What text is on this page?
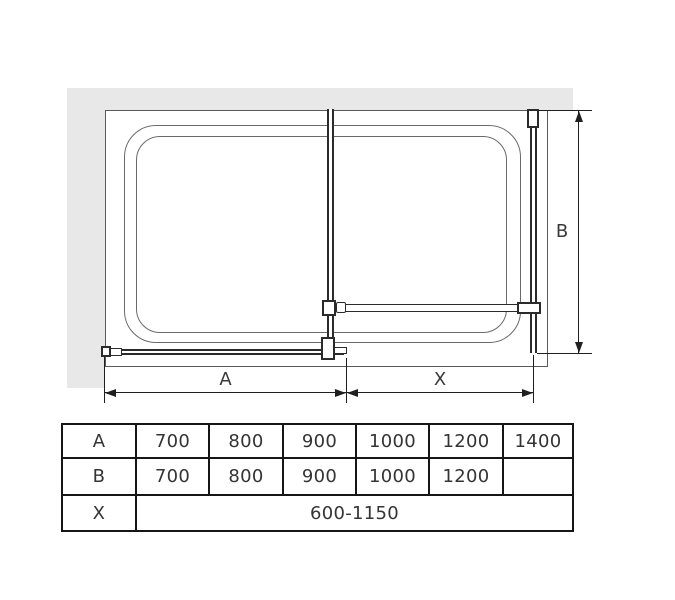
A	X
B
A	700	800	900	1000	1200	1400
B	700	800	900	1000	1200	
X	600-1150					
